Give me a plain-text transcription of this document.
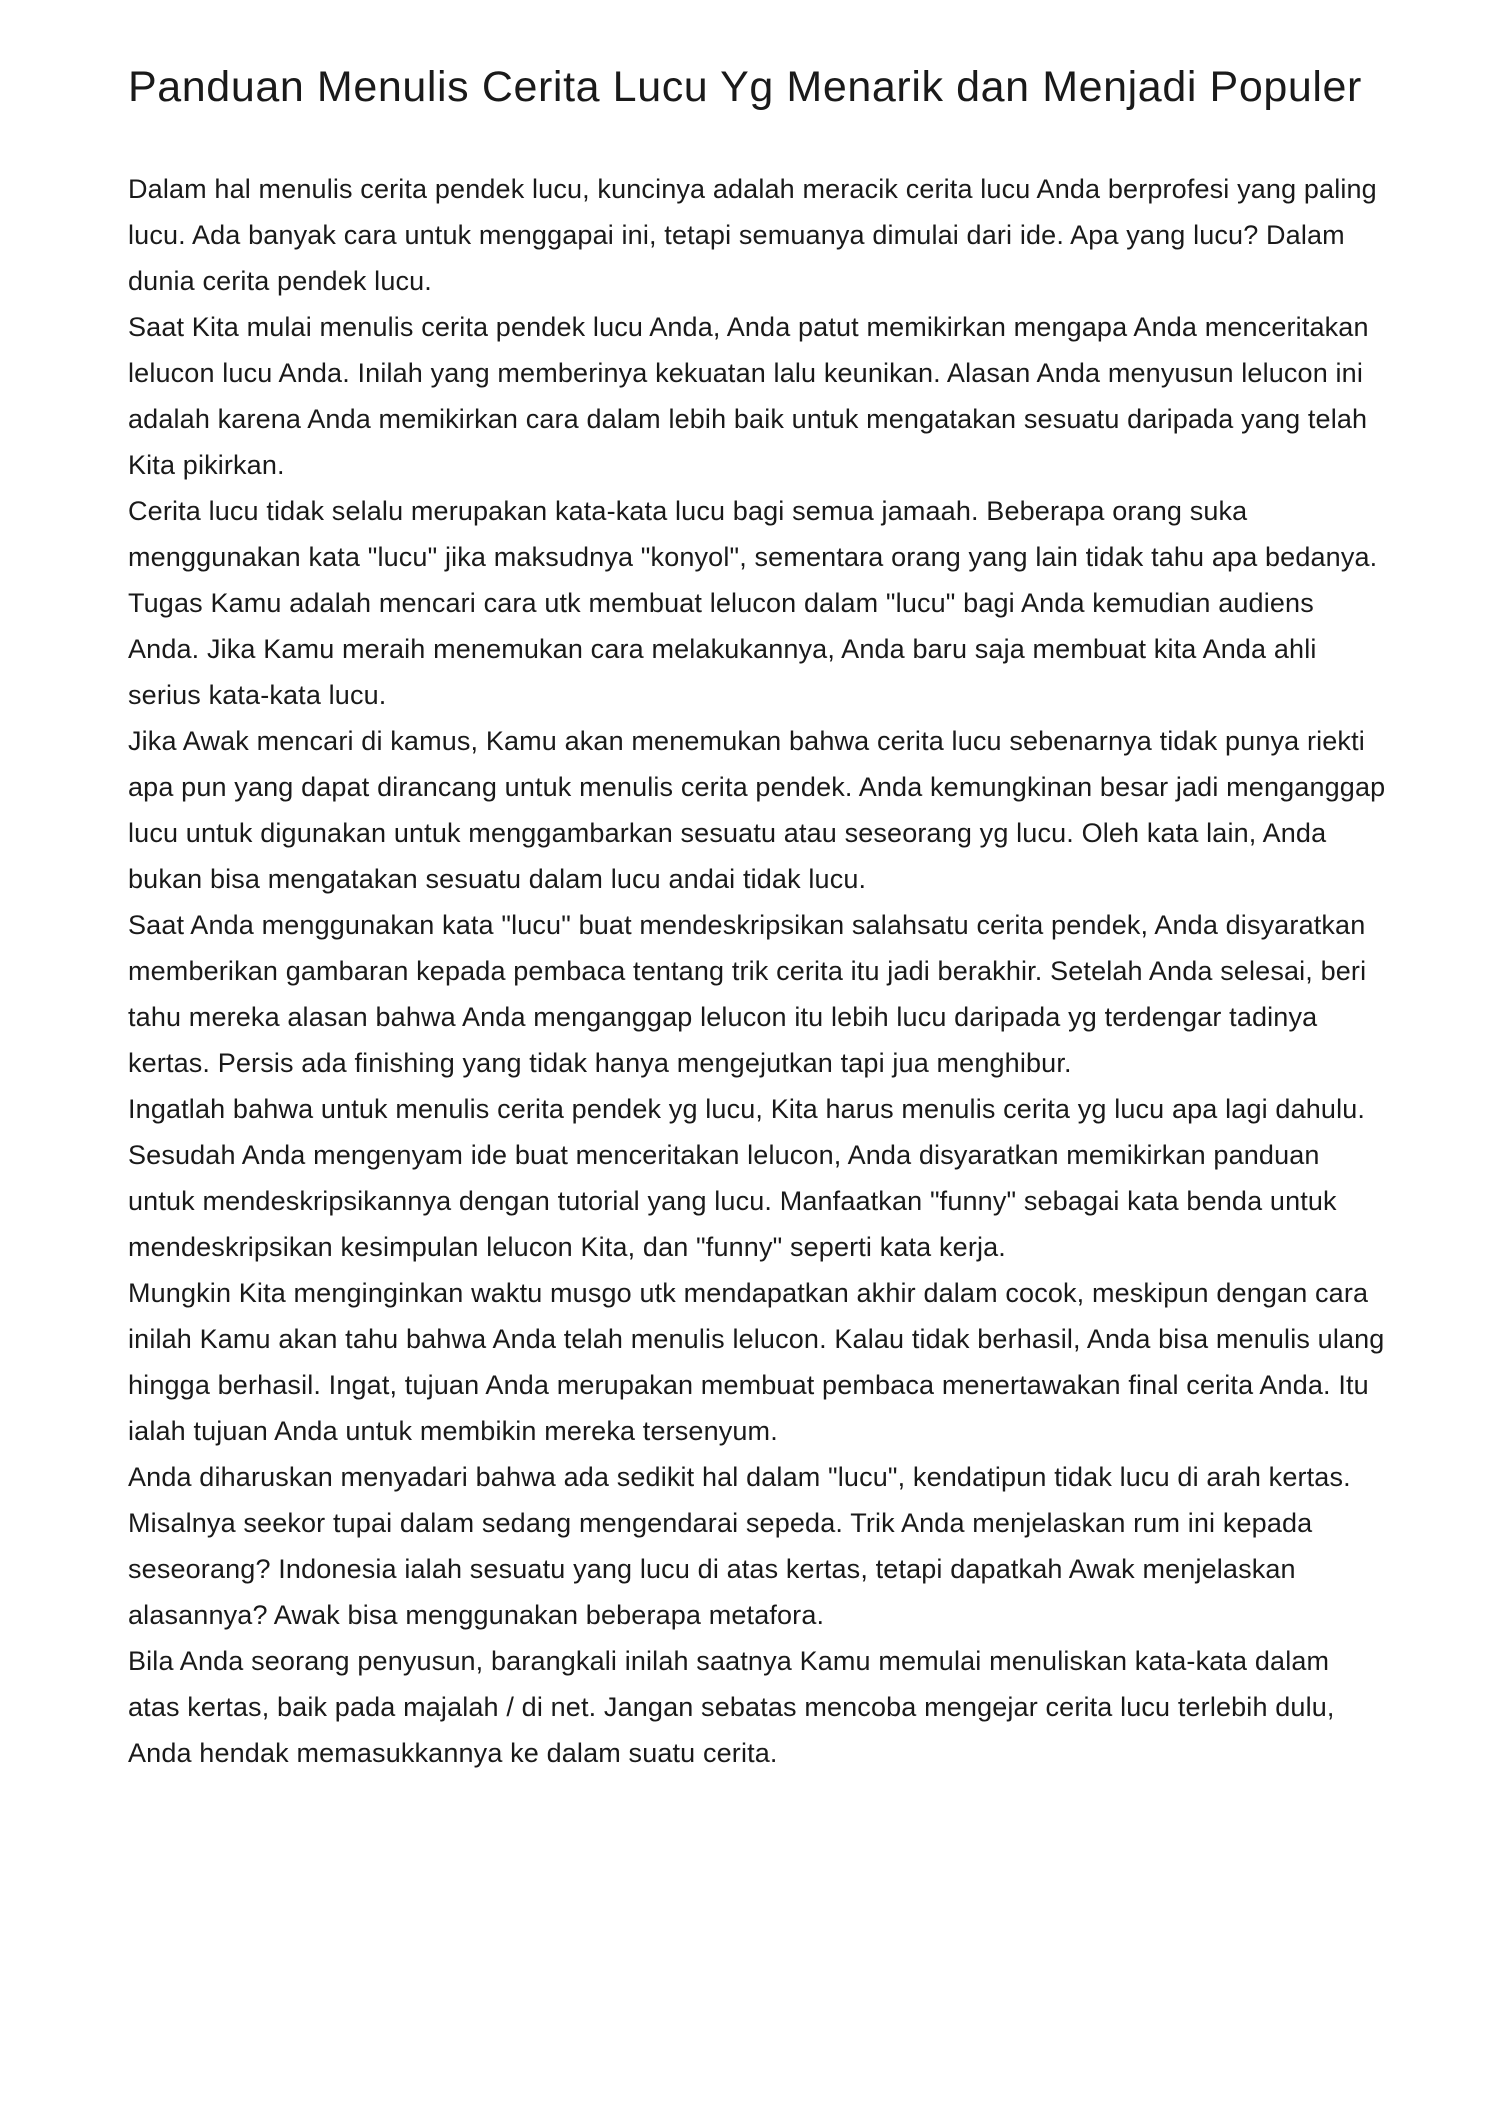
Panduan Menulis Cerita Lucu Yg Menarik dan Menjadi Populer

Dalam hal menulis cerita pendek lucu, kuncinya adalah meracik cerita lucu Anda berprofesi yang paling lucu. Ada banyak cara untuk menggapai ini, tetapi semuanya dimulai dari ide. Apa yang lucu? Dalam dunia cerita pendek lucu.

Saat Kita mulai menulis cerita pendek lucu Anda, Anda patut memikirkan mengapa Anda menceritakan lelucon lucu Anda. Inilah yang memberinya kekuatan lalu keunikan. Alasan Anda menyusun lelucon ini adalah karena Anda memikirkan cara dalam lebih baik untuk mengatakan sesuatu daripada yang telah Kita pikirkan.

Cerita lucu tidak selalu merupakan kata-kata lucu bagi semua jamaah. Beberapa orang suka menggunakan kata "lucu" jika maksudnya "konyol", sementara orang yang lain tidak tahu apa bedanya. Tugas Kamu adalah mencari cara utk membuat lelucon dalam "lucu" bagi Anda kemudian audiens Anda. Jika Kamu meraih menemukan cara melakukannya, Anda baru saja membuat kita Anda ahli serius kata-kata lucu.

Jika Awak mencari di kamus, Kamu akan menemukan bahwa cerita lucu sebenarnya tidak punya riekti apa pun yang dapat dirancang untuk menulis cerita pendek. Anda kemungkinan besar jadi menganggap lucu untuk digunakan untuk menggambarkan sesuatu atau seseorang yg lucu. Oleh kata lain, Anda bukan bisa mengatakan sesuatu dalam lucu andai tidak lucu.

Saat Anda menggunakan kata "lucu" buat mendeskripsikan salahsatu cerita pendek, Anda disyaratkan memberikan gambaran kepada pembaca tentang trik cerita itu jadi berakhir. Setelah Anda selesai, beri tahu mereka alasan bahwa Anda menganggap lelucon itu lebih lucu daripada yg terdengar tadinya kertas. Persis ada finishing yang tidak hanya mengejutkan tapi jua menghibur.

Ingatlah bahwa untuk menulis cerita pendek yg lucu, Kita harus menulis cerita yg lucu apa lagi dahulu. Sesudah Anda mengenyam ide buat menceritakan lelucon, Anda disyaratkan memikirkan panduan untuk mendeskripsikannya dengan tutorial yang lucu. Manfaatkan "funny" sebagai kata benda untuk mendeskripsikan kesimpulan lelucon Kita, dan "funny" seperti kata kerja.

Mungkin Kita menginginkan waktu musgo utk mendapatkan akhir dalam cocok, meskipun dengan cara inilah Kamu akan tahu bahwa Anda telah menulis lelucon. Kalau tidak berhasil, Anda bisa menulis ulang hingga berhasil. Ingat, tujuan Anda merupakan membuat pembaca menertawakan final cerita Anda. Itu ialah tujuan Anda untuk membikin mereka tersenyum.

Anda diharuskan menyadari bahwa ada sedikit hal dalam "lucu", kendatipun tidak lucu di arah kertas. Misalnya seekor tupai dalam sedang mengendarai sepeda. Trik Anda menjelaskan rum ini kepada seseorang? Indonesia ialah sesuatu yang lucu di atas kertas, tetapi dapatkah Awak menjelaskan alasannya? Awak bisa menggunakan beberapa metafora.

Bila Anda seorang penyusun, barangkali inilah saatnya Kamu memulai menuliskan kata-kata dalam atas kertas, baik pada majalah / di net. Jangan sebatas mencoba mengejar cerita lucu terlebih dulu, Anda hendak memasukkannya ke dalam suatu cerita.
